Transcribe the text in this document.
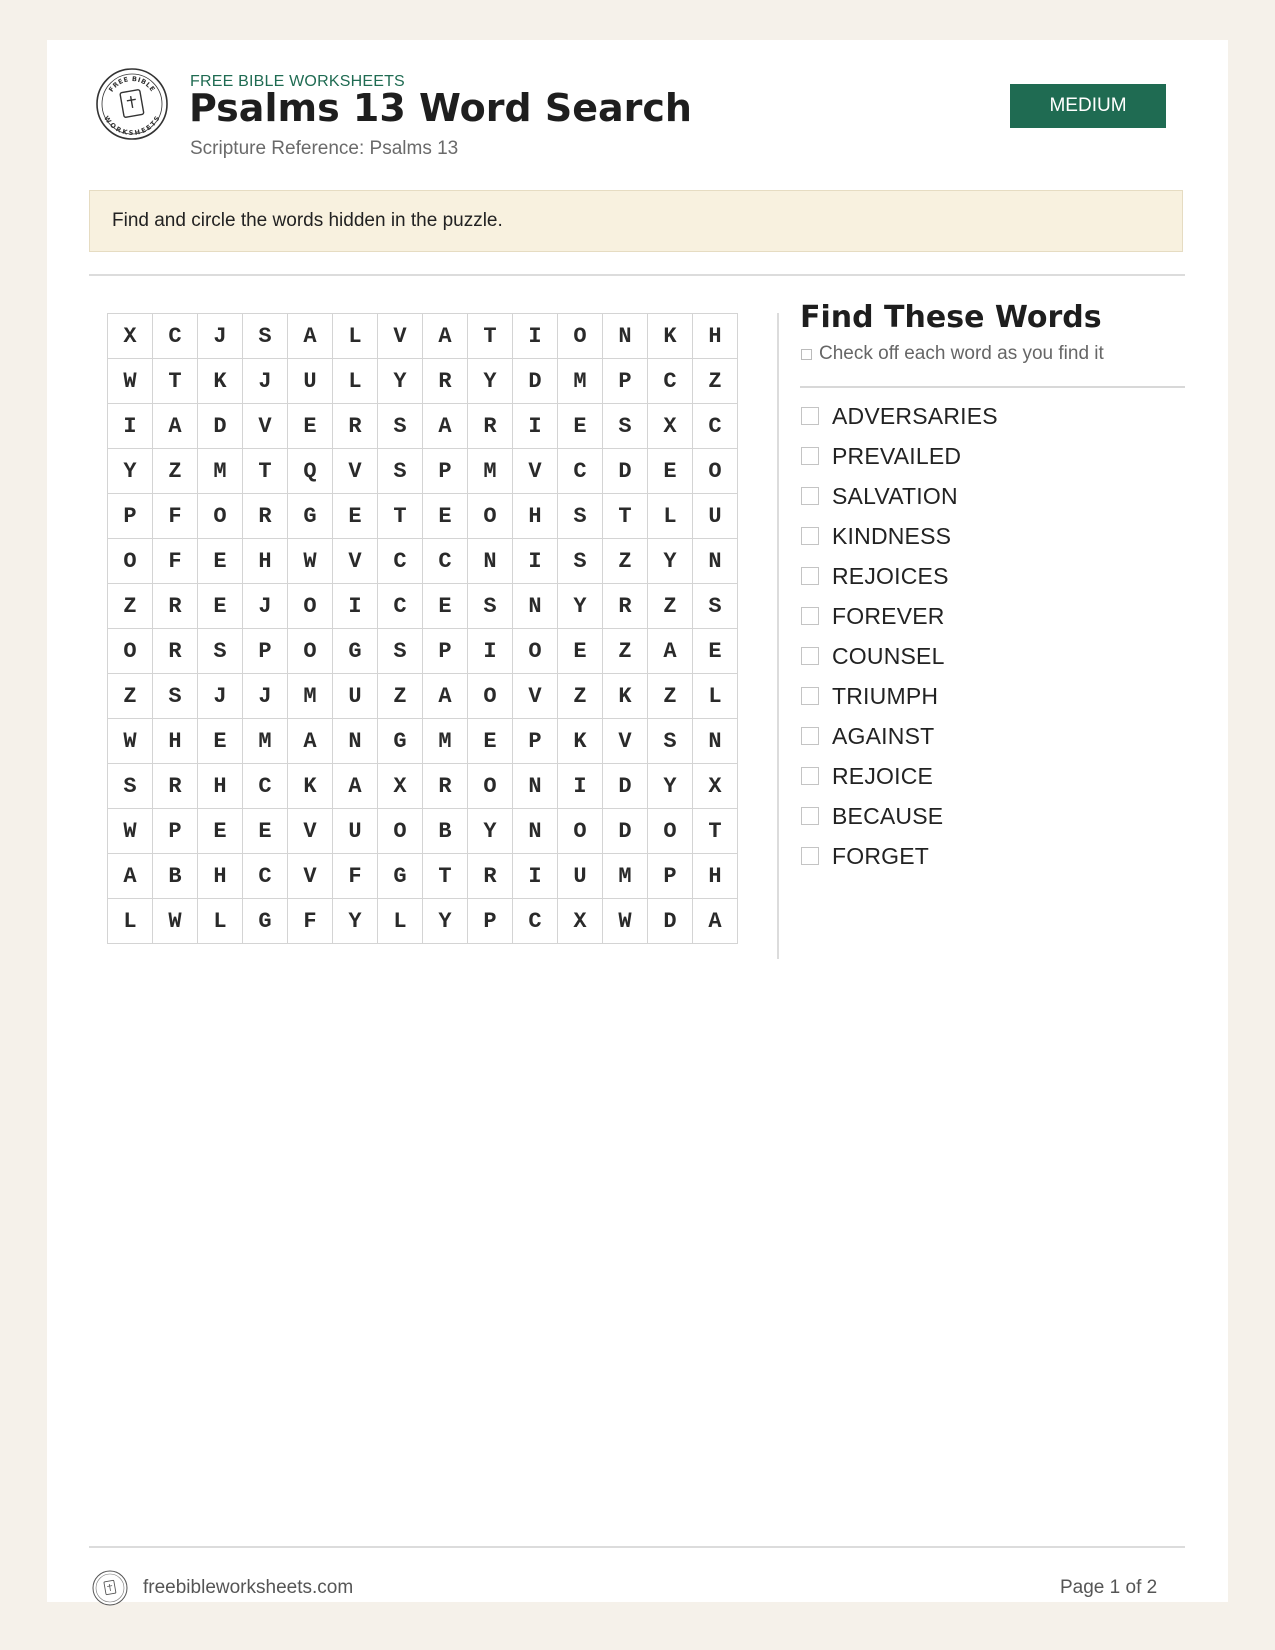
FREE BIBLE
WORKSHEETS
FREE BIBLE WORKSHEETS
Psalms 13 Word Search
Scripture Reference: Psalms 13
MEDIUM
Find and circle the words hidden in the puzzle.
X	C	J	S	A	L	V	A	T	I	O	N	K	H
W	T	K	J	U	L	Y	R	Y	D	M	P	C	Z
I	A	D	V	E	R	S	A	R	I	E	S	X	C
Y	Z	M	T	Q	V	S	P	M	V	C	D	E	O
P	F	O	R	G	E	T	E	O	H	S	T	L	U
O	F	E	H	W	V	C	C	N	I	S	Z	Y	N
Z	R	E	J	O	I	C	E	S	N	Y	R	Z	S
O	R	S	P	O	G	S	P	I	O	E	Z	A	E
Z	S	J	J	M	U	Z	A	O	V	Z	K	Z	L
W	H	E	M	A	N	G	M	E	P	K	V	S	N
S	R	H	C	K	A	X	R	O	N	I	D	Y	X
W	P	E	E	V	U	O	B	Y	N	O	D	O	T
A	B	H	C	V	F	G	T	R	I	U	M	P	H
L	W	L	G	F	Y	L	Y	P	C	X	W	D	A
Find These Words
Check off each word as you find it
ADVERSARIES
PREVAILED
SALVATION
KINDNESS
REJOICES
FOREVER
COUNSEL
TRIUMPH
AGAINST
REJOICE
BECAUSE
FORGET
freebibleworksheets.com	Page 1 of 2
